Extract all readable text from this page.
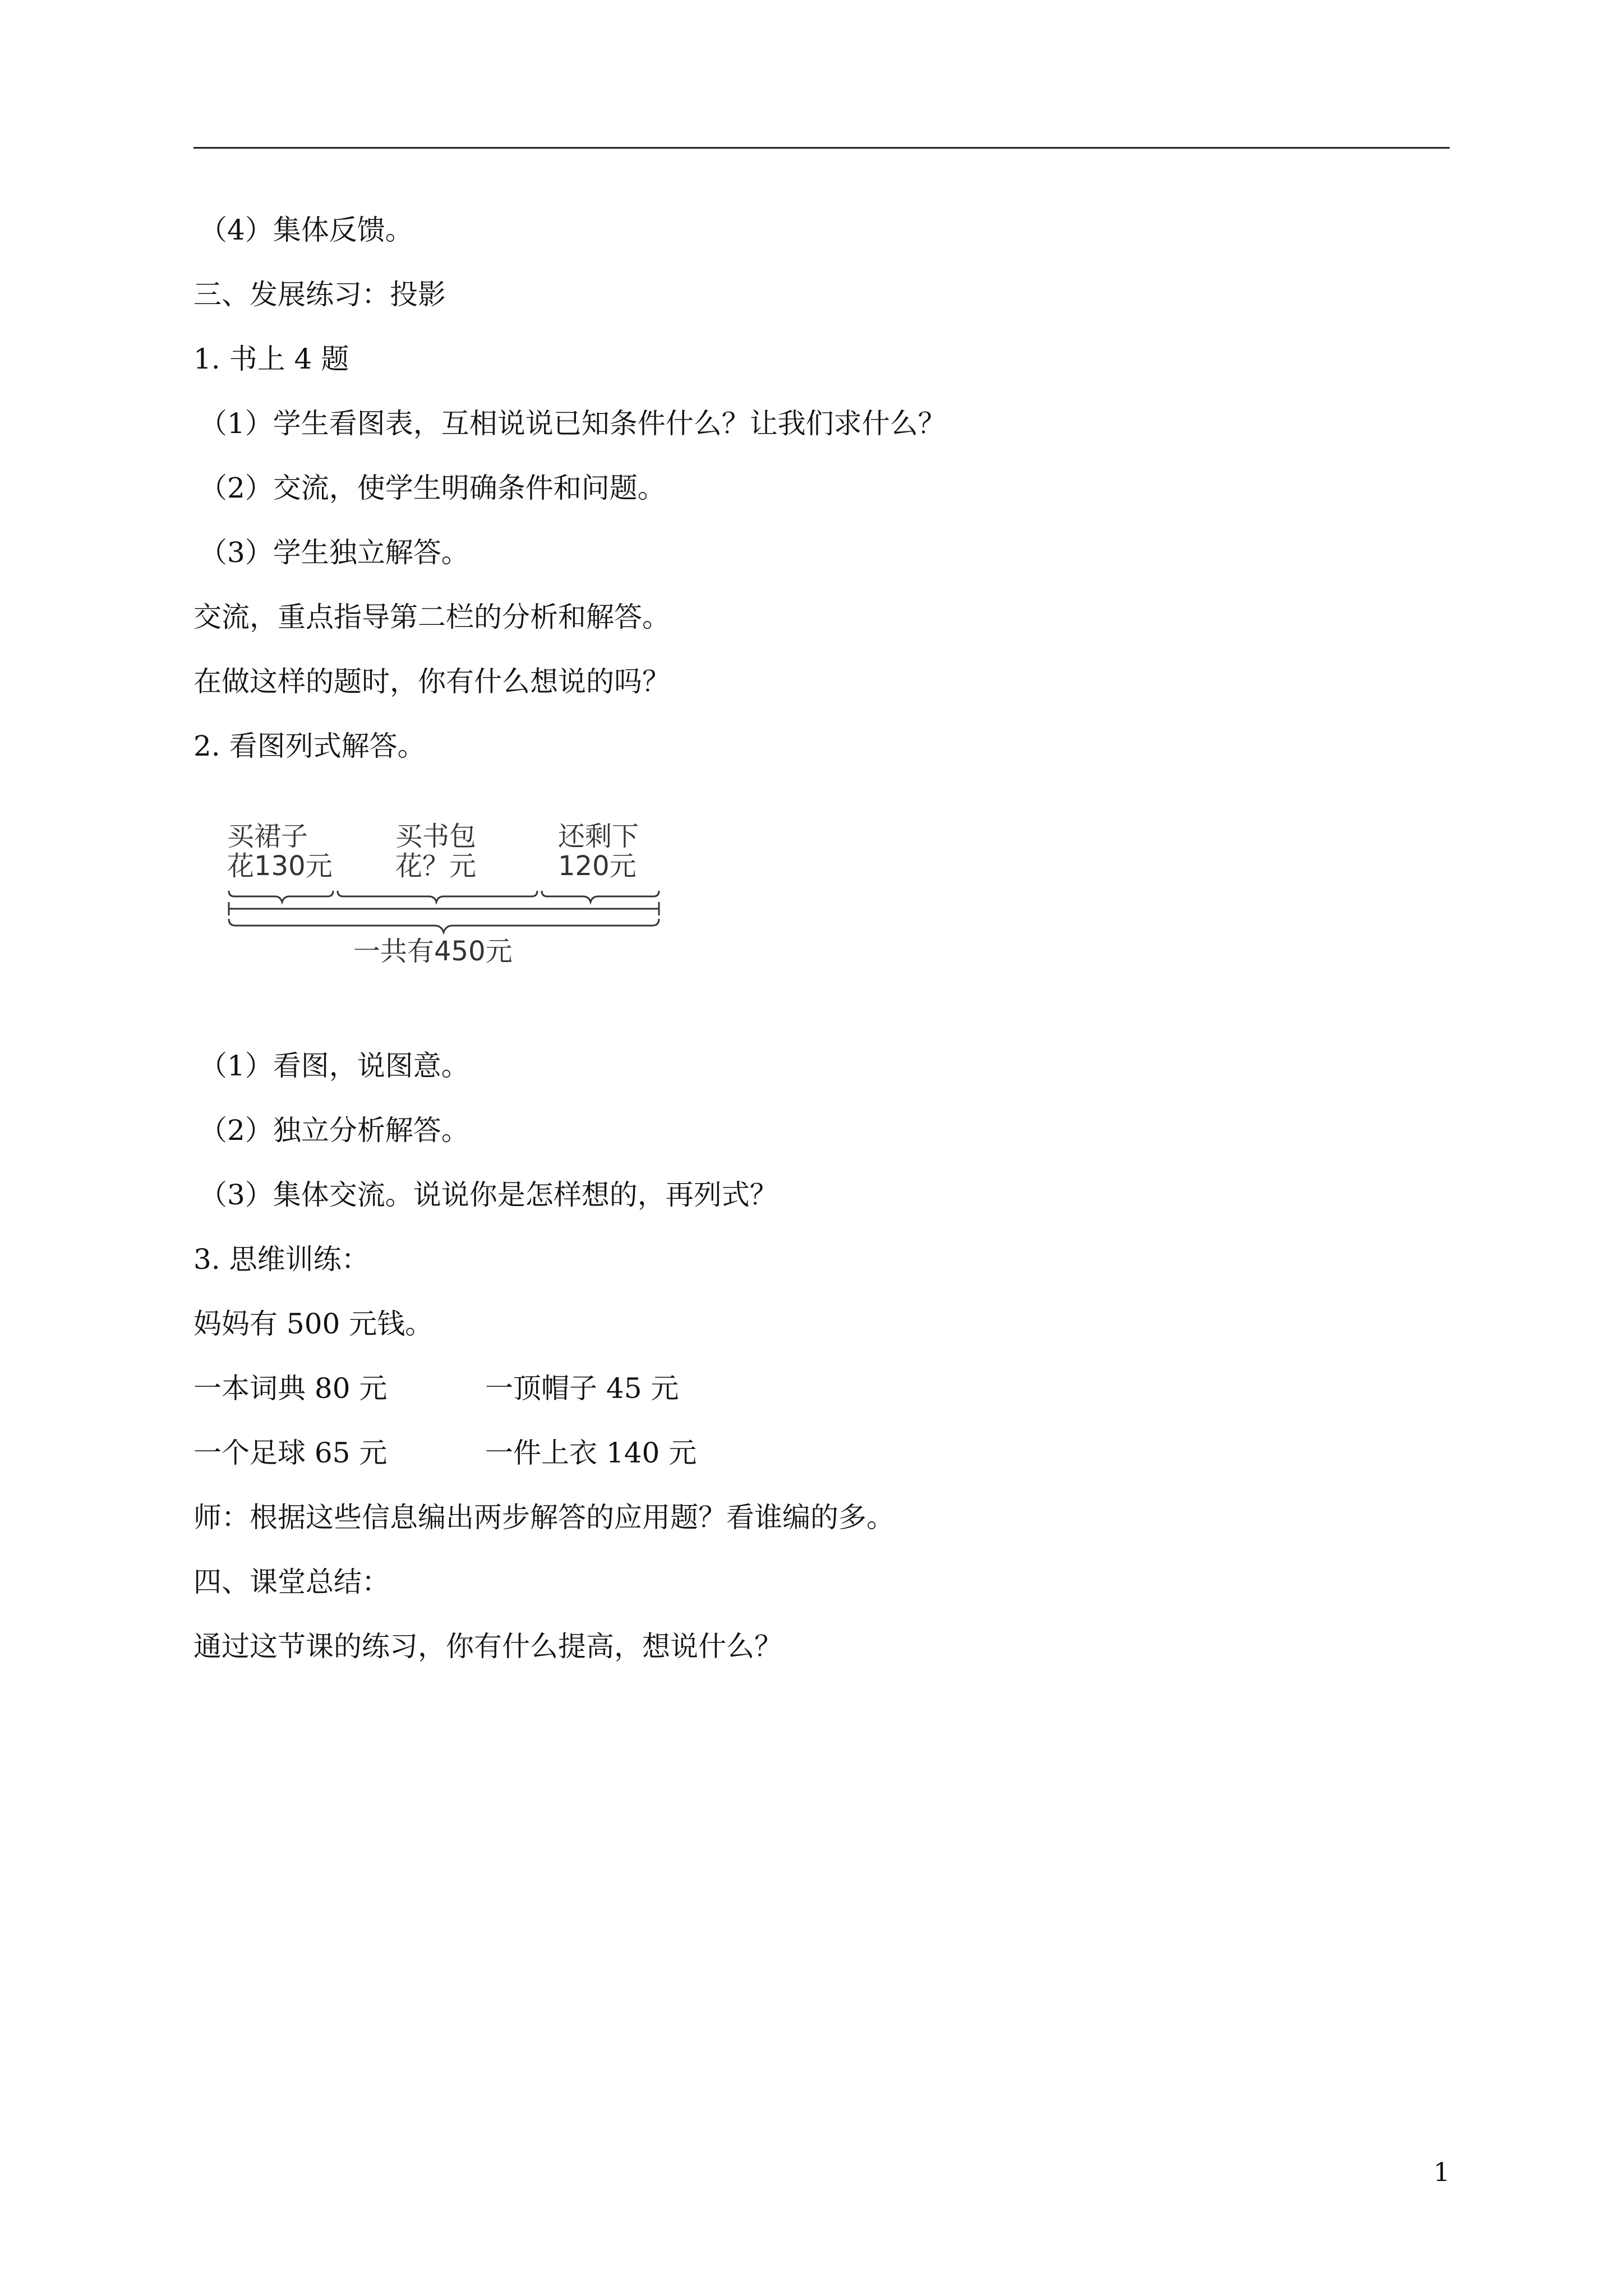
（4）集体反馈。
三、发展练习：投影
1. 书上 4 题
（1）学生看图表，互相说说已知条件什么？让我们求什么？
（2）交流，使学生明确条件和问题。
（3）学生独立解答。
交流，重点指导第二栏的分析和解答。
在做这样的题时，你有什么想说的吗？
2. 看图列式解答。
买裙子
花130元
买书包
花？元
还剩下
120元
一共有450元
（1）看图，说图意。
（2）独立分析解答。
（3）集体交流。说说你是怎样想的，再列式？
3. 思维训练：
妈妈有 500 元钱。
一本词典 80 元	一顶帽子 45 元
一个足球 65 元	一件上衣 140 元
师：根据这些信息编出两步解答的应用题？看谁编的多。
四、课堂总结：
通过这节课的练习，你有什么提高，想说什么？
1
